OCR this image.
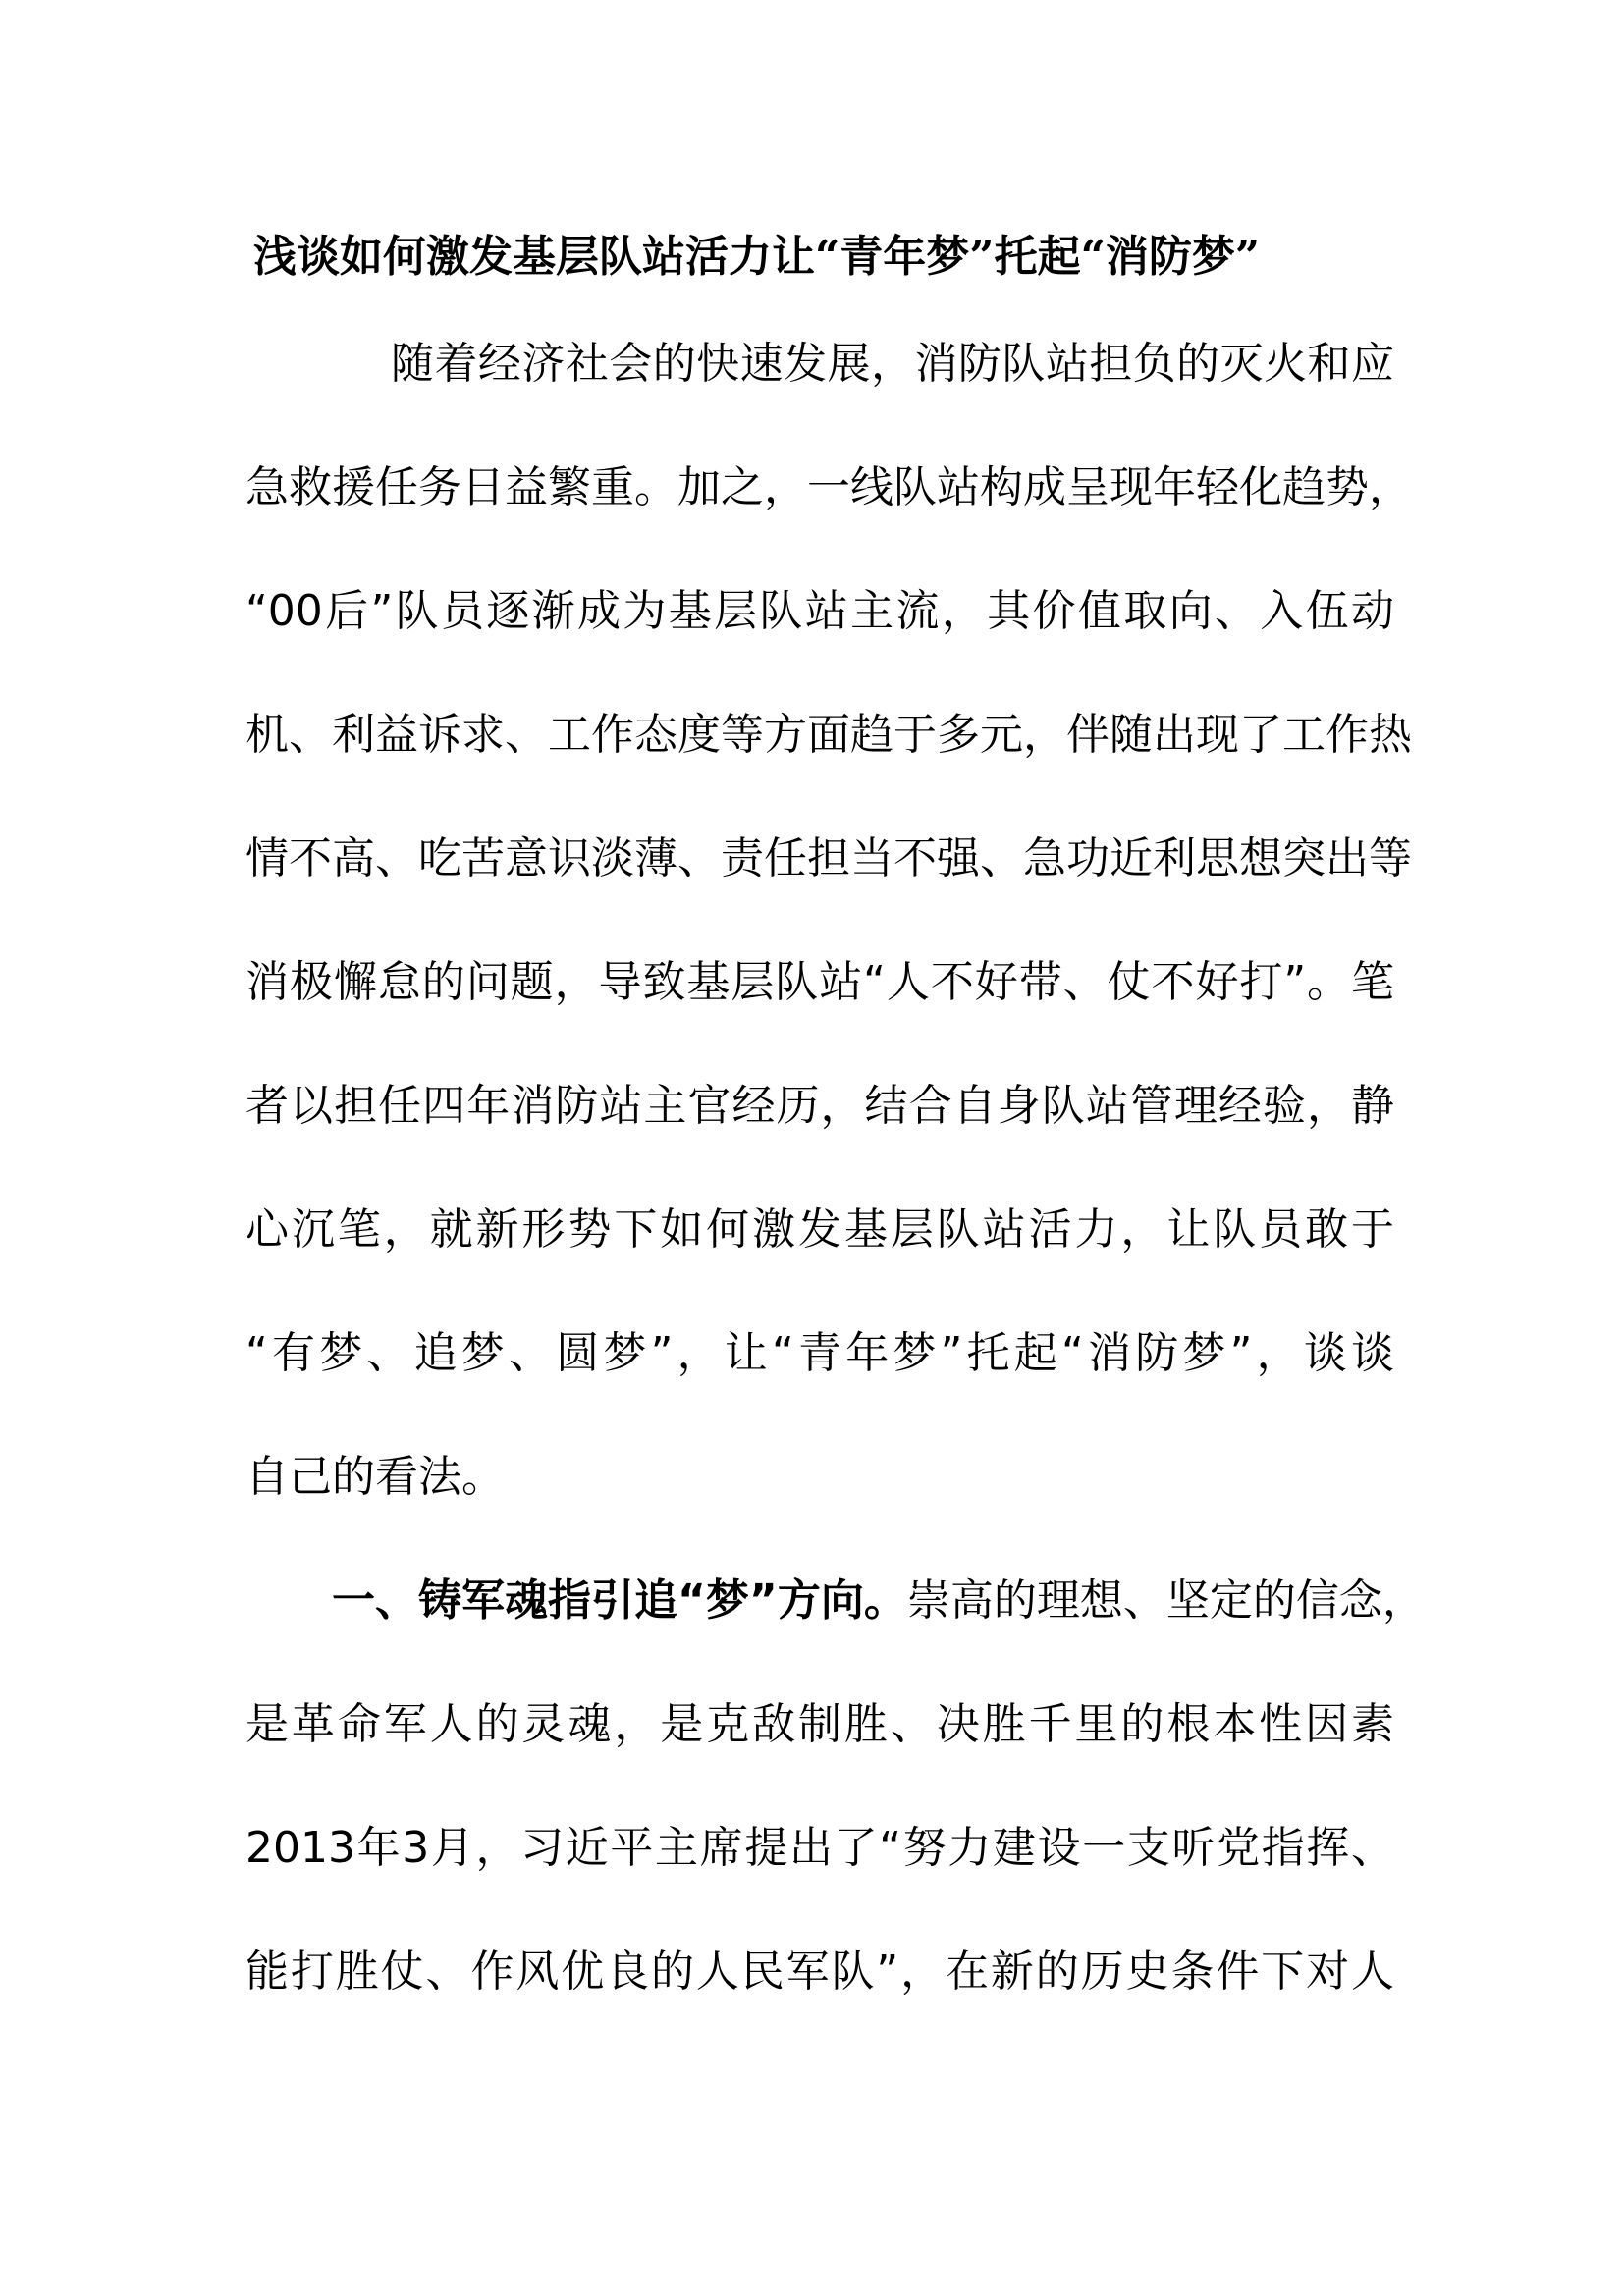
浅谈如何激发基层队站活力让“青年梦”托起“消防梦”

随着经济社会的快速发展，消防队站担负的灭火和应

急救援任务日益繁重。加之，一线队站构成呈现年轻化趋势，

“00后”队员逐渐成为基层队站主流，其价值取向、入伍动

机、利益诉求、工作态度等方面趋于多元，伴随出现了工作热

情不高、吃苦意识淡薄、责任担当不强、急功近利思想突出等

消极懈怠的问题，导致基层队站“人不好带、仗不好打”。笔

者以担任四年消防站主官经历，结合自身队站管理经验，静

心沉笔，就新形势下如何激发基层队站活力，让队员敢于

“有梦、追梦、圆梦”，让“青年梦”托起“消防梦”，谈谈

自己的看法。

一、铸军魂指引追“梦”方向。崇高的理想、坚定的信念，

是革命军人的灵魂，是克敌制胜、决胜千里的根本性因素

2013年3月，习近平主席提出了“努力建设一支听党指挥、

能打胜仗、作风优良的人民军队”，在新的历史条件下对人
